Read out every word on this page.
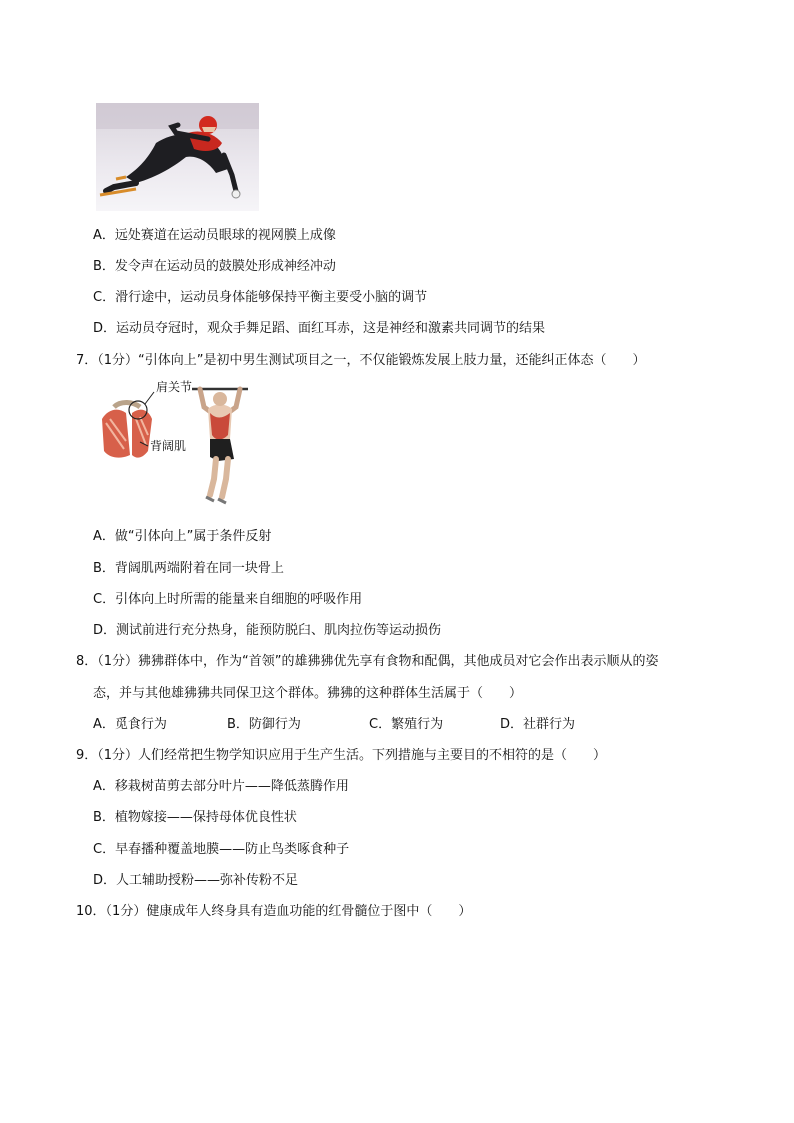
A．远处赛道在运动员眼球的视网膜上成像
B．发令声在运动员的鼓膜处形成神经冲动
C．滑行途中，运动员身体能够保持平衡主要受小脑的调节
D．运动员夺冠时，观众手舞足蹈、面红耳赤，这是神经和激素共同调节的结果
7．（1分）“引体向上”是初中男生测试项目之一，不仅能锻炼发展上肢力量，还能纠正体态（　　）
肩关节
背阔肌
A．做“引体向上”属于条件反射
B．背阔肌两端附着在同一块骨上
C．引体向上时所需的能量来自细胞的呼吸作用
D．测试前进行充分热身，能预防脱臼、肌肉拉伤等运动损伤
8．（1分）狒狒群体中，作为“首领”的雄狒狒优先享有食物和配偶，其他成员对它会作出表示顺从的姿
态，并与其他雄狒狒共同保卫这个群体。狒狒的这种群体生活属于（　　）
A．觅食行为	B．防御行为	C．繁殖行为	D．社群行为
9．（1分）人们经常把生物学知识应用于生产生活。下列措施与主要目的不相符的是（　　）
A．移栽树苗剪去部分叶片——降低蒸腾作用
B．植物嫁接——保持母体优良性状
C．早春播种覆盖地膜——防止鸟类啄食种子
D．人工辅助授粉——弥补传粉不足
10．（1分）健康成年人终身具有造血功能的红骨髓位于图中（　　）
